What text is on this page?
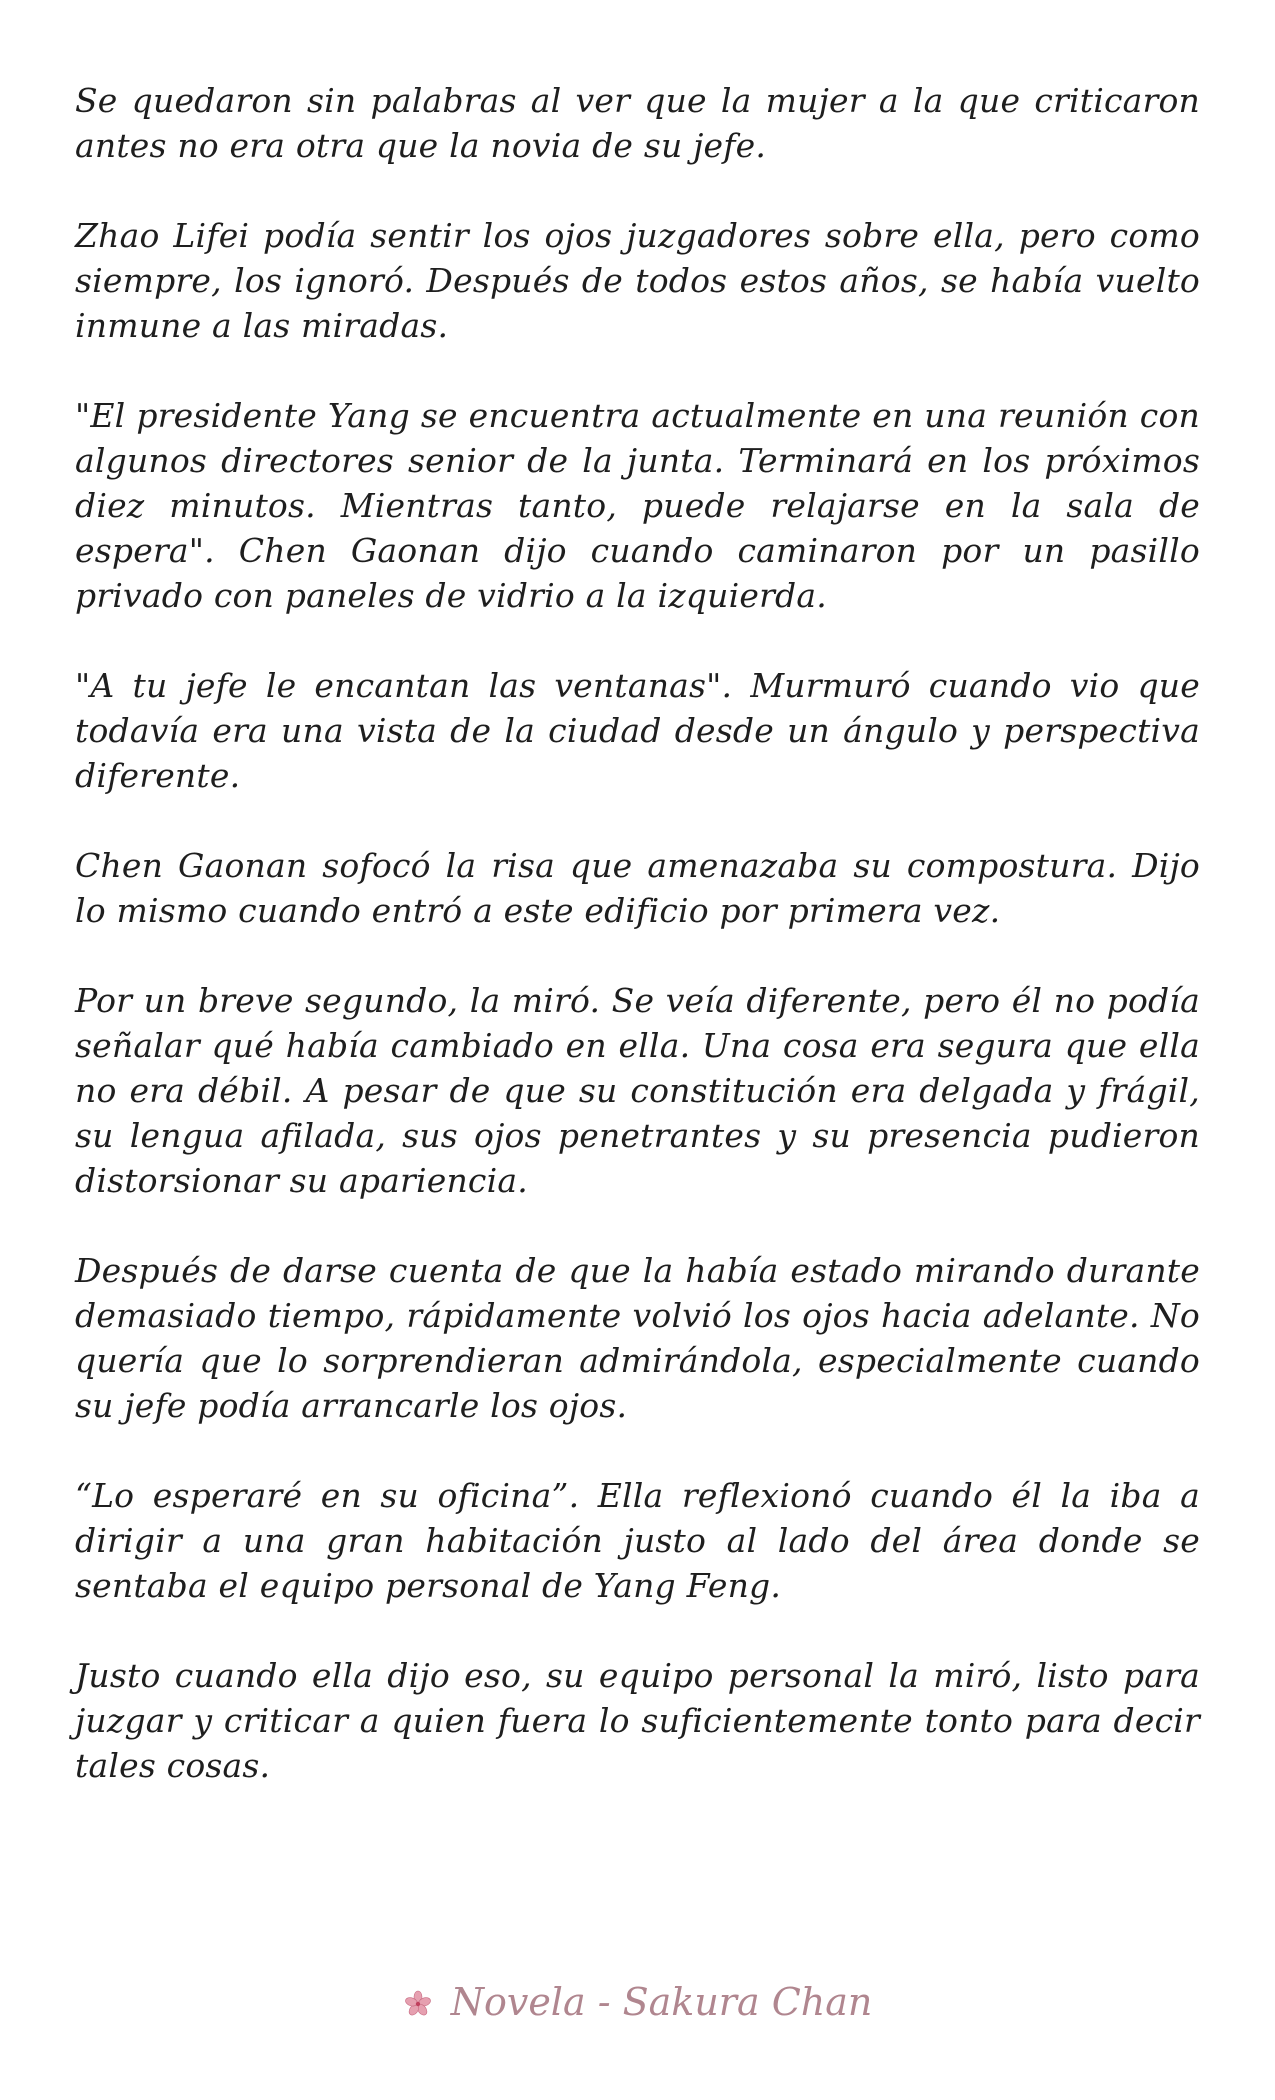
Se quedaron sin palabras al ver que la mujer a la que criticaron antes no era otra que la novia de su jefe.

Zhao Lifei podía sentir los ojos juzgadores sobre ella, pero como siempre, los ignoró. Después de todos estos años, se había vuelto inmune a las miradas.

"El presidente Yang se encuentra actualmente en una reunión con algunos directores senior de la junta. Terminará en los próximos diez minutos. Mientras tanto, puede relajarse en la sala de espera". Chen Gaonan dijo cuando caminaron por un pasillo privado con paneles de vidrio a la izquierda.

"A tu jefe le encantan las ventanas". Murmuró cuando vio que todavía era una vista de la ciudad desde un ángulo y perspectiva diferente.

Chen Gaonan sofocó la risa que amenazaba su compostura. Dijo lo mismo cuando entró a este edificio por primera vez.

Por un breve segundo, la miró. Se veía diferente, pero él no podía señalar qué había cambiado en ella. Una cosa era segura que ella no era débil. A pesar de que su constitución era delgada y frágil, su lengua afilada, sus ojos penetrantes y su presencia pudieron distorsionar su apariencia.

Después de darse cuenta de que la había estado mirando durante demasiado tiempo, rápidamente volvió los ojos hacia adelante. No quería que lo sorprendieran admirándola, especialmente cuando su jefe podía arrancarle los ojos.

“Lo esperaré en su oficina”. Ella reflexionó cuando él la iba a dirigir a una gran habitación justo al lado del área donde se sentaba el equipo personal de Yang Feng.

Justo cuando ella dijo eso, su equipo personal la miró, listo para juzgar y criticar a quien fuera lo suficientemente tonto para decir tales cosas.

Novela - Sakura Chan
